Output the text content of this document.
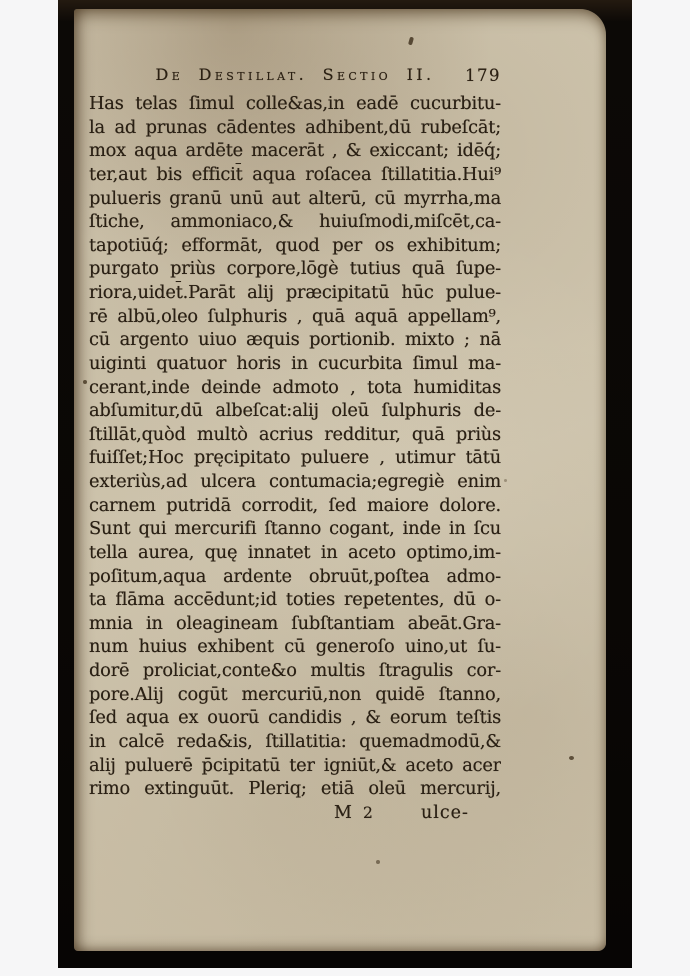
De Destillat. Sectio II. 179
Has telas ſimul colle&as,in eadē cucurbitu-
la ad prunas cādentes adhibent,dū rubeſcāt;
mox aqua ardēte macerāt , & exiccant; idēq́;
ter,aut bis efficit̄ aqua roſacea ſtillatitia.Hui⁹
pulueris granū unū aut alterū, cū myrrha,ma
ſtiche, ammoniaco,& huiuſmodi,miſcēt,ca-
tapotiūq́; efformāt, quod per os exhibitum;
purgato priùs corpore,lōgè tutius quā ſupe-
riora,uidet̄.Parāt alij præcipitatū hūc pulue-
rē albū,oleo ſulphuris , quā aquā appellam⁹,
cū argento uiuo æquis portionib. mixto ; nā
uiginti quatuor horis in cucurbita ſimul ma-
cerant,inde deinde admoto , tota humiditas
abſumitur,dū albeſcat:alij oleū ſulphuris de-
ſtillāt,quòd multò acrius redditur, quā priùs
fuiſſet;Hoc pręcipitato puluere , utimur tātū
exteriùs,ad ulcera contumacia;egregiè enim
carnem putridā corrodit, ſed maiore dolore.
Sunt qui mercurifi ſtanno cogant, inde in ſcu
tella aurea, quę innatet in aceto optimo,im-
poſitum,aqua ardente obruūt,poſtea admo-
ta flāma accēdunt;id toties repetentes, dū o-
mnia in oleagineam ſubſtantiam abeāt.Gra-
num huius exhibent cū generoſo uino,ut ſu-
dorē proliciat,conte&o multis ſtragulis cor-
pore.Alij cogūt mercuriū,non quidē ſtanno,
ſed aqua ex ouorū candidis , & eorum teſtis
in calcē reda&is, ſtillatitia: quemadmodū,&
alij puluerē p̄cipitatū ter igniūt,& aceto acer
rimo extinguūt. Pleriq; etiā oleū mercurij,
M 2	ulce-
